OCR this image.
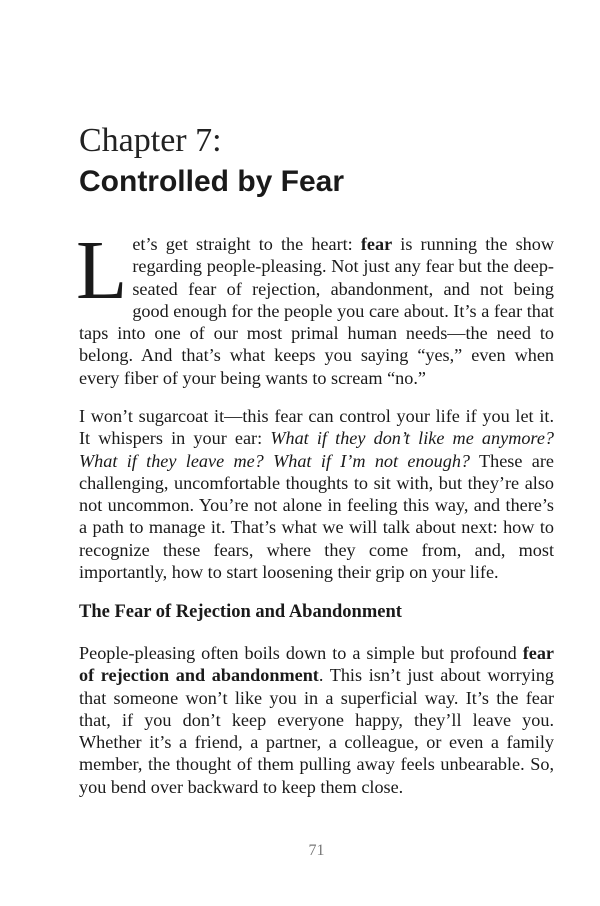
Chapter 7:
Controlled by Fear

Let’s get straight to the heart: fear is running the show regarding people-pleasing. Not just any fear but the deep-seated fear of rejection, abandonment, and not being good enough for the people you care about. It’s a fear that taps into one of our most primal human needs—the need to belong. And that’s what keeps you saying “yes,” even when every fiber of your being wants to scream “no.”

I won’t sugarcoat it—this fear can control your life if you let it. It whispers in your ear: What if they don’t like me anymore? What if they leave me? What if I’m not enough? These are challenging, uncomfortable thoughts to sit with, but they’re also not uncommon. You’re not alone in feeling this way, and there’s a path to manage it. That’s what we will talk about next: how to recognize these fears, where they come from, and, most importantly, how to start loosening their grip on your life.

The Fear of Rejection and Abandonment

People-pleasing often boils down to a simple but profound fear of rejection and abandonment. This isn’t just about worrying that someone won’t like you in a superficial way. It’s the fear that, if you don’t keep everyone happy, they’ll leave you. Whether it’s a friend, a partner, a colleague, or even a family member, the thought of them pulling away feels unbearable. So, you bend over backward to keep them close.

71
